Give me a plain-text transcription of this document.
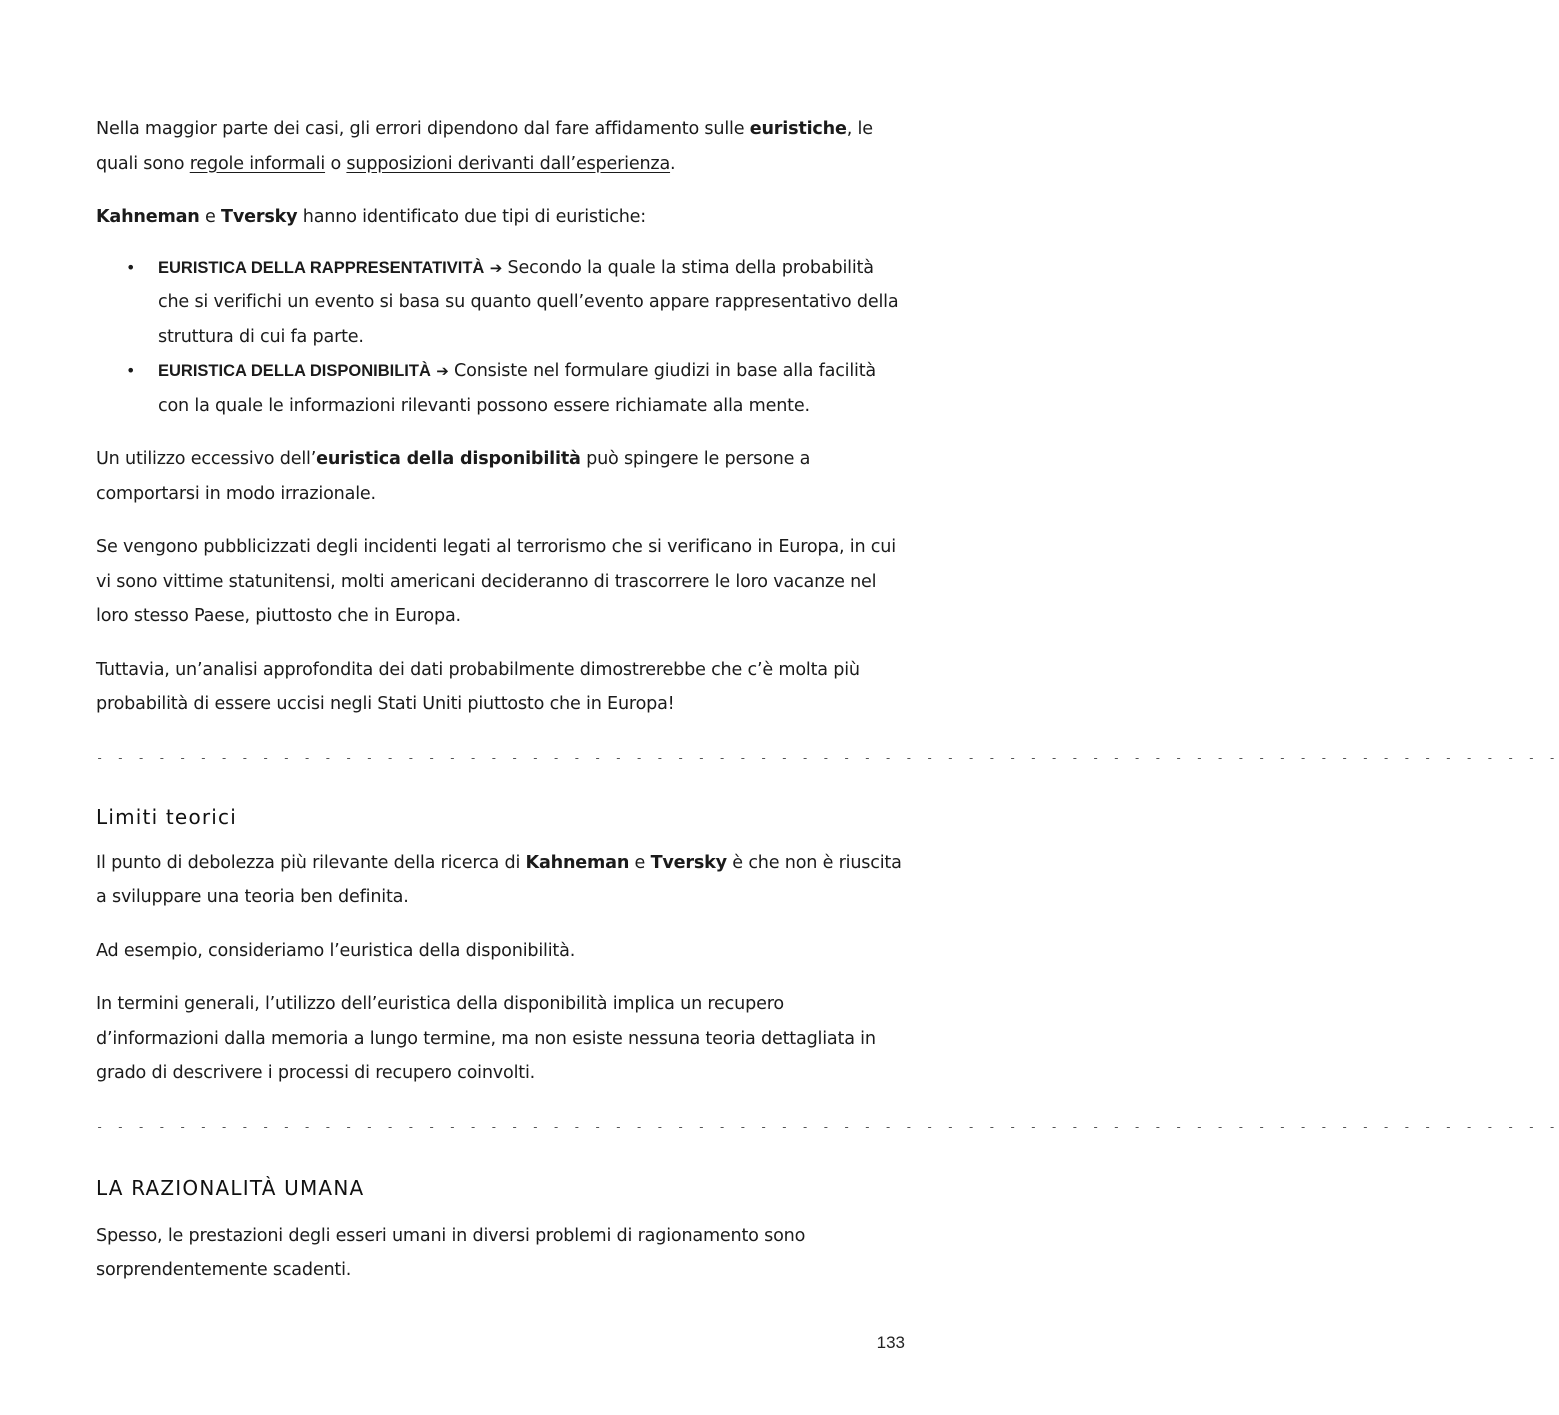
Nella maggior parte dei casi, gli errori dipendono dal fare affidamento sulle euristiche, le quali sono regole informali o supposizioni derivanti dall’esperienza.

Kahneman e Tversky hanno identificato due tipi di euristiche:

• EURISTICA DELLA RAPPRESENTATIVITÀ ➔ Secondo la quale la stima della probabilità che si verifichi un evento si basa su quanto quell’evento appare rappresentativo della struttura di cui fa parte.
• EURISTICA DELLA DISPONIBILITÀ ➔ Consiste nel formulare giudizi in base alla facilità con la quale le informazioni rilevanti possono essere richiamate alla mente.

Un utilizzo eccessivo dell’euristica della disponibilità può spingere le persone a comportarsi in modo irrazionale.

Se vengono pubblicizzati degli incidenti legati al terrorismo che si verificano in Europa, in cui vi sono vittime statunitensi, molti americani decideranno di trascorrere le loro vacanze nel loro stesso Paese, piuttosto che in Europa.

Tuttavia, un’analisi approfondita dei dati probabilmente dimostrerebbe che c’è molta più probabilità di essere uccisi negli Stati Uniti piuttosto che in Europa!

- - - - - - - - - - - - - - - - - - - - - - - - - - - - - - - - - - - - - - - - - - - - - - - - - - - - - - - - - - - - - - - - - - - - - - -
Limiti teorici

Il punto di debolezza più rilevante della ricerca di Kahneman e Tversky è che non è riuscita a sviluppare una teoria ben definita.

Ad esempio, consideriamo l’euristica della disponibilità.

In termini generali, l’utilizzo dell’euristica della disponibilità implica un recupero d’informazioni dalla memoria a lungo termine, ma non esiste nessuna teoria dettagliata in grado di descrivere i processi di recupero coinvolti.

- - - - - - - - - - - - - - - - - - - - - - - - - - - - - - - - - - - - - - - - - - - - - - - - - - - - - - - - - - - - - - - - - - - - - - -
LA RAZIONALITÀ UMANA

Spesso, le prestazioni degli esseri umani in diversi problemi di ragionamento sono sorprendentemente scadenti.

133
